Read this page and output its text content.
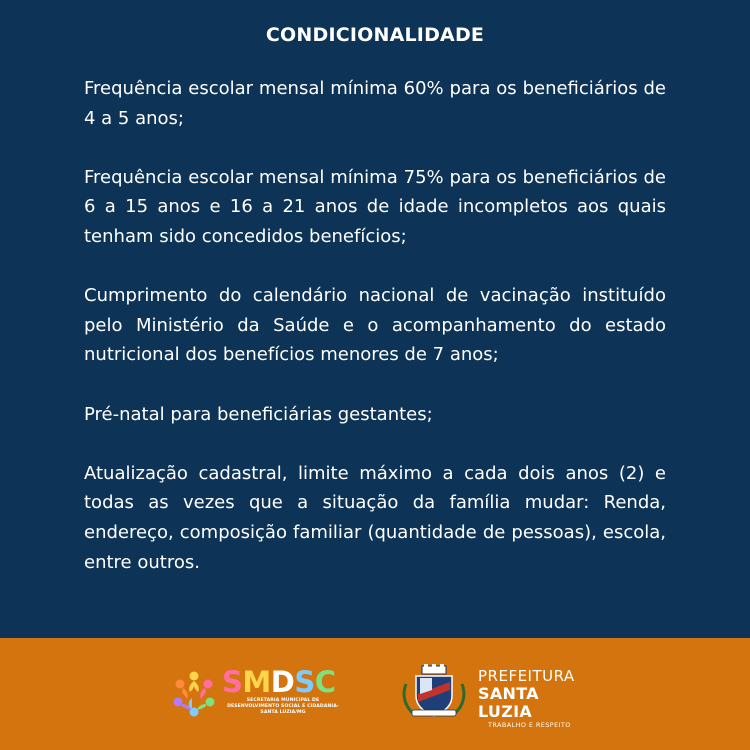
CONDICIONALIDADE

Frequência escolar mensal mínima 60% para os beneficiários de 4 a 5 anos;

Frequência escolar mensal mínima 75% para os beneficiários de 6 a 15 anos e 16 a 21 anos de idade incompletos aos quais tenham sido concedidos benefícios;

Cumprimento do calendário nacional de vacinação instituído pelo Ministério da Saúde e o acompanhamento do estado nutricional dos benefícios menores de 7 anos;

Pré-natal para beneficiárias gestantes;

Atualização cadastral, limite máximo a cada dois anos (2) e todas as vezes que a situação da família mudar: Renda, endereço, composição familiar (quantidade de pessoas), escola, entre outros.

SMDSC
SECRETARIA MUNICIPAL DE DESENVOLVIMENTO SOCIAL E CIDADANIA-SANTA LUZIA/MG
PREFEITURA
SANTA LUZIA
TRABALHO E RESPEITO
